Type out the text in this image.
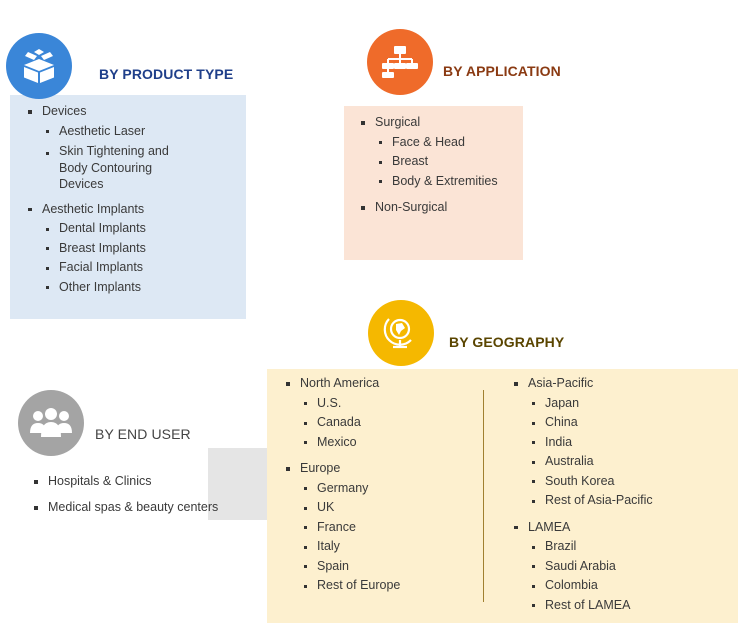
BY PRODUCT TYPE
Devices
Aesthetic Laser
Skin Tightening and Body Contouring Devices
Aesthetic Implants
Dental Implants
Breast Implants
Facial Implants
Other Implants
BY APPLICATION
Surgical
Face & Head
Breast
Body & Extremities
Non-Surgical
BY GEOGRAPHY
North America
U.S.
Canada
Mexico
Europe
Germany
UK
France
Italy
Spain
Rest of Europe
Asia-Pacific
Japan
China
India
Australia
South Korea
Rest of Asia-Pacific
LAMEA
Brazil
Saudi Arabia
Colombia
Rest of LAMEA
BY END USER
Hospitals & Clinics
Medical spas & beauty centers
